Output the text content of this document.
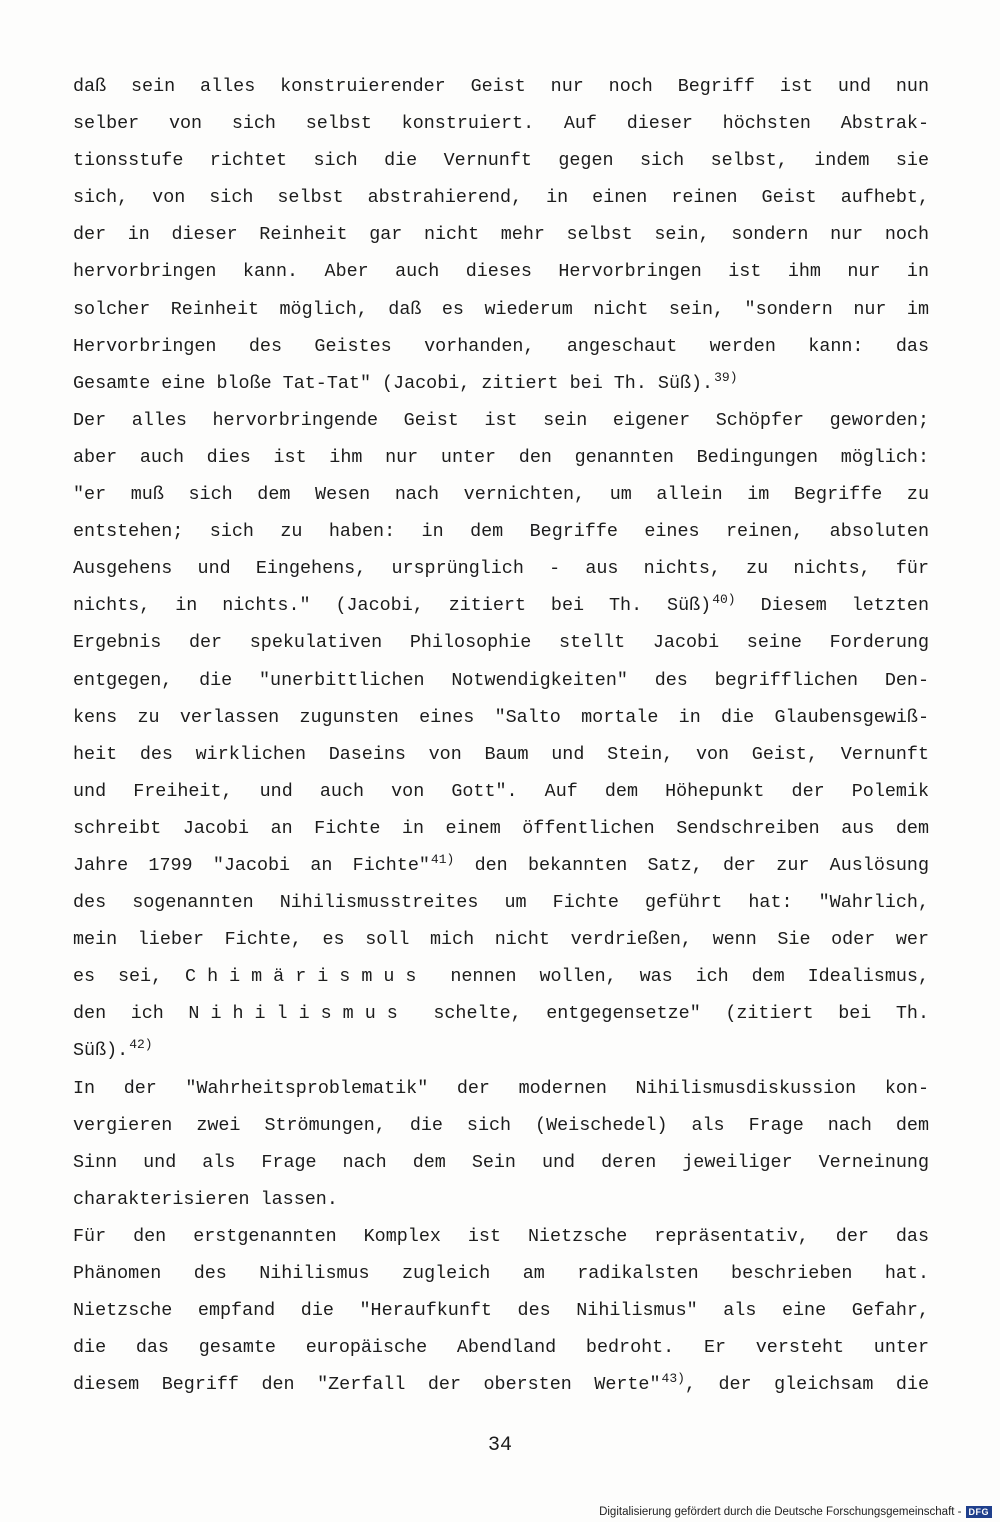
daß sein alles konstruierender Geist nur noch Begriff ist und nun
selber von sich selbst konstruiert. Auf dieser höchsten Abstrak-
tionsstufe richtet sich die Vernunft gegen sich selbst, indem sie
sich, von sich selbst abstrahierend, in einen reinen Geist aufhebt,
der in dieser Reinheit gar nicht mehr selbst sein, sondern nur noch
hervorbringen kann. Aber auch dieses Hervorbringen ist ihm nur in
solcher Reinheit möglich, daß es wiederum nicht sein, "sondern nur im
Hervorbringen des Geistes vorhanden, angeschaut werden kann: das
Gesamte eine bloße Tat-Tat" (Jacobi, zitiert bei Th. Süß).$^{39)}$
Der alles hervorbringende Geist ist sein eigener Schöpfer geworden;
aber auch dies ist ihm nur unter den genannten Bedingungen möglich:
"er muß sich dem Wesen nach vernichten, um allein im Begriffe zu
entstehen; sich zu haben: in dem Begriffe eines reinen, absoluten
Ausgehens und Eingehens, ursprünglich - aus nichts, zu nichts, für
nichts, in nichts." (Jacobi, zitiert bei Th. Süß)$^{40)}$ Diesem letzten
Ergebnis der spekulativen Philosophie stellt Jacobi seine Forderung
entgegen, die "unerbittlichen Notwendigkeiten" des begrifflichen Den-
kens zu verlassen zugunsten eines "Salto mortale in die Glaubensgewiß-
heit des wirklichen Daseins von Baum und Stein, von Geist, Vernunft
und Freiheit, und auch von Gott". Auf dem Höhepunkt der Polemik
schreibt Jacobi an Fichte in einem öffentlichen Sendschreiben aus dem
Jahre 1799 "Jacobi an Fichte"$^{41)}$ den bekannten Satz, der zur Auslösung
des sogenannten Nihilismusstreites um Fichte geführt hat: "Wahrlich,
mein lieber Fichte, es soll mich nicht verdrießen, wenn Sie oder wer
es sei, Chimärismus nennen wollen, was ich dem Idealismus,
den ich Nihilismus schelte, entgegensetze" (zitiert bei Th.
Süß).$^{42)}$
In der "Wahrheitsproblematik" der modernen Nihilismusdiskussion kon-
vergieren zwei Strömungen, die sich (Weischedel) als Frage nach dem
Sinn und als Frage nach dem Sein und deren jeweiliger Verneinung
charakterisieren lassen.
Für den erstgenannten Komplex ist Nietzsche repräsentativ, der das
Phänomen des Nihilismus zugleich am radikalsten beschrieben hat.
Nietzsche empfand die "Heraufkunft des Nihilismus" als eine Gefahr,
die das gesamte europäische Abendland bedroht. Er versteht unter
diesem Begriff den "Zerfall der obersten Werte"$^{43)}$, der gleichsam die
34
Digitalisierung gefördert durch die Deutsche Forschungsgemeinschaft - DFG
